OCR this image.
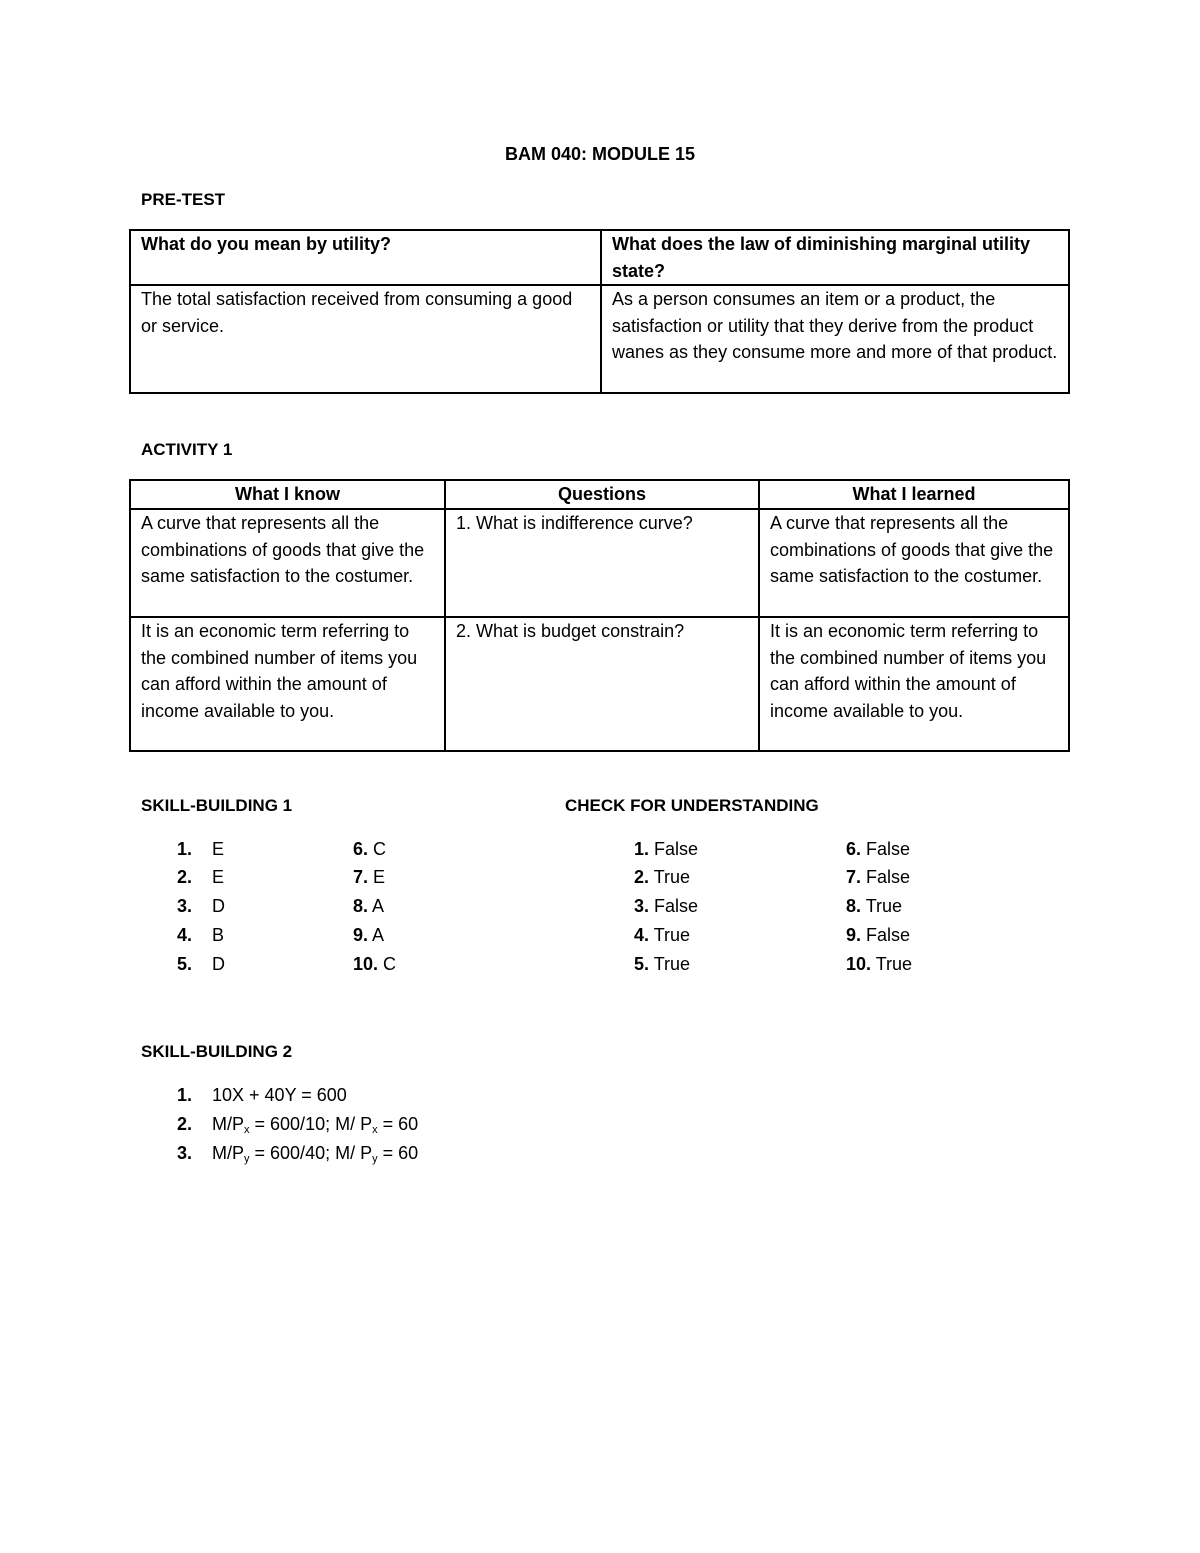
BAM 040: MODULE 15
PRE-TEST
What do you mean by utility?	What does the law of diminishing marginal utility state?
The total satisfaction received from consuming a good or service.	As a person consumes an item or a product, the satisfaction or utility that they derive from the product wanes as they consume more and more of that product.
ACTIVITY 1
What I know	Questions	What I learned
A curve that represents all the combinations of goods that give the same satisfaction to the costumer.	1. What is indifference curve?	A curve that represents all the combinations of goods that give the same satisfaction to the costumer.
It is an economic term referring to the combined number of items you can afford within the amount of income available to you.	2. What is budget constrain?	It is an economic term referring to the combined number of items you can afford within the amount of income available to you.
SKILL-BUILDING 1
1. E
2. E
3. D
4. B
5. D
6. C
7. E
8. A
9. A
10. C
CHECK FOR UNDERSTANDING
1. False
2. True
3. False
4. True
5. True
6. False
7. False
8. True
9. False
10. True
SKILL-BUILDING 2
1. 10X + 40Y = 600
2. $M/P_x = 600/10$; M/ $P_x = 60$
3. $M/P_y = 600/40$; M/ $P_y = 60$
